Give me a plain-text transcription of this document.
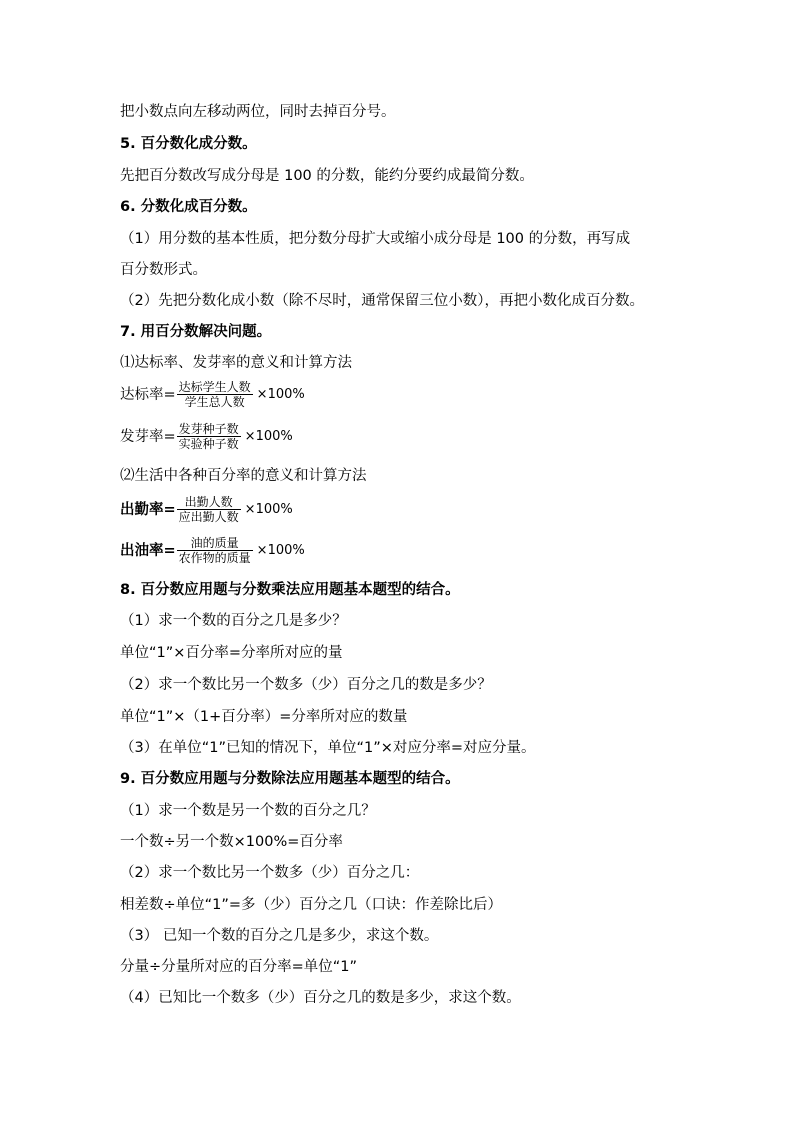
把小数点向左移动两位，同时去掉百分号。
5. 百分数化成分数。
先把百分数改写成分母是 100 的分数，能约分要约成最简分数。
6. 分数化成百分数。
（1）用分数的基本性质，把分数分母扩大或缩小成分母是 100 的分数，再写成
百分数形式。
（2）先把分数化成小数（除不尽时，通常保留三位小数），再把小数化成百分数。
7. 用百分数解决问题。
⑴达标率、发芽率的意义和计算方法
达标率= $\frac{\text{达标学生人数}}{\text{学生总人数}} \times 100\%$
发芽率= $\frac{\text{发芽种子数}}{\text{实验种子数}} \times 100\%$
⑵生活中各种百分率的意义和计算方法
出勤率= $\frac{\text{出勤人数}}{\text{应出勤人数}} \times 100\%$
出油率= $\frac{\text{油的质量}}{\text{农作物的质量}} \times 100\%$
8. 百分数应用题与分数乘法应用题基本题型的结合。
（1）求一个数的百分之几是多少？
单位“1”×百分率=分率所对应的量
（2）求一个数比另一个数多（少）百分之几的数是多少？
单位“1”×（1+百分率）=分率所对应的数量
（3）在单位“1”已知的情况下，单位“1”×对应分率=对应分量。
9. 百分数应用题与分数除法应用题基本题型的结合。
（1）求一个数是另一个数的百分之几？
一个数÷另一个数×100%=百分率
（2）求一个数比另一个数多（少）百分之几：
相差数÷单位“1”=多（少）百分之几（口诀：作差除比后）
（3） 已知一个数的百分之几是多少，求这个数。
分量÷分量所对应的百分率=单位“1”
（4）已知比一个数多（少）百分之几的数是多少，求这个数。
